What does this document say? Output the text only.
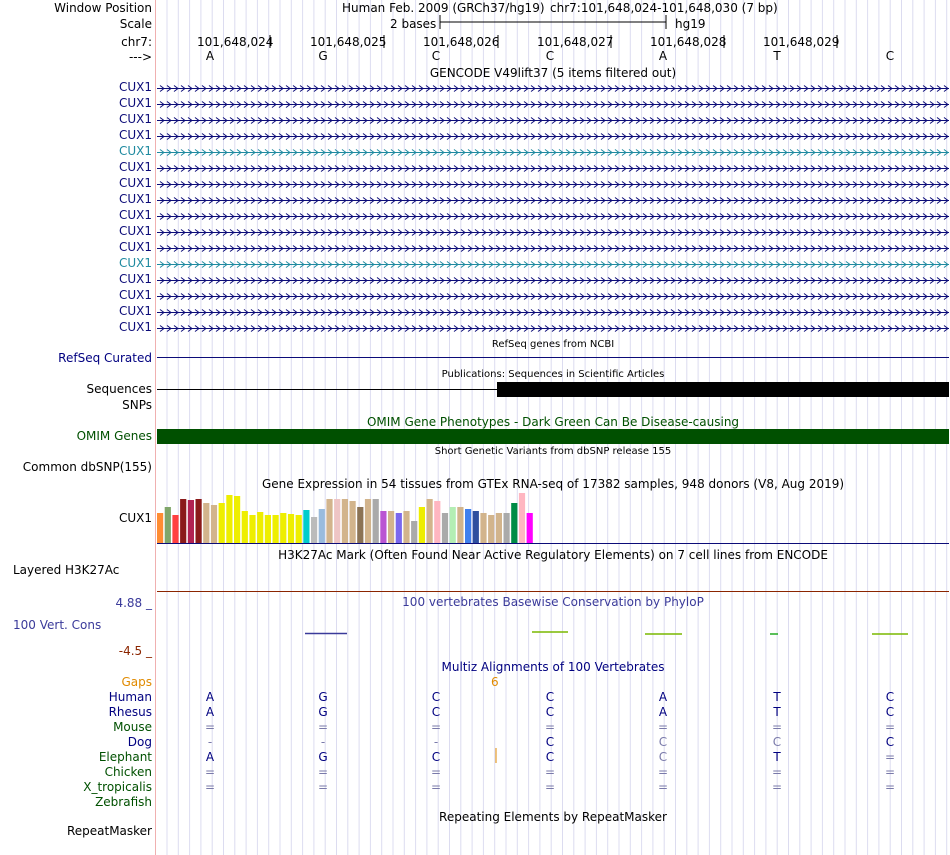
Window Position	Human Feb. 2009 (GRCh37/hg19) chr7:101,648,024-101,648,030 (7 bp)
Scale	2 bases	hg19
chr7:	101,648,024	101,648,025	101,648,026	101,648,027	101,648,028	101,648,029
--->	A	G	C	C	A	T	C
GENCODE V49lift37 (5 items filtered out)
CUX1
CUX1
CUX1
CUX1
CUX1
CUX1
CUX1
CUX1
CUX1
CUX1
CUX1
CUX1
CUX1
CUX1
CUX1
CUX1
RefSeq genes from NCBI
RefSeq Curated
Publications: Sequences in Scientific Articles
Sequences
SNPs
OMIM Gene Phenotypes - Dark Green Can Be Disease-causing
OMIM Genes
Short Genetic Variants from dbSNP release 155
Common dbSNP(155)
Gene Expression in 54 tissues from GTEx RNA-seq of 17382 samples, 948 donors (V8, Aug 2019)
CUX1
H3K27Ac Mark (Often Found Near Active Regulatory Elements) on 7 cell lines from ENCODE
Layered H3K27Ac
100 vertebrates Basewise Conservation by PhyloP
4.88 _
100 Vert. Cons
-4.5 _
Multiz Alignments of 100 Vertebrates
Gaps	6
Human	A	G	C	C	A	T	C
Rhesus	A	G	C	C	A	T	C
Mouse	=	=	=	=	=	=	=
Dog	-	-	-	C	C	C	C
Elephant	A	G	C	C	C	T	=
Chicken	=	=	=	=	=	=	=
X_tropicalis	=	=	=	=	=	=	=
Zebrafish
Repeating Elements by RepeatMasker
RepeatMasker
